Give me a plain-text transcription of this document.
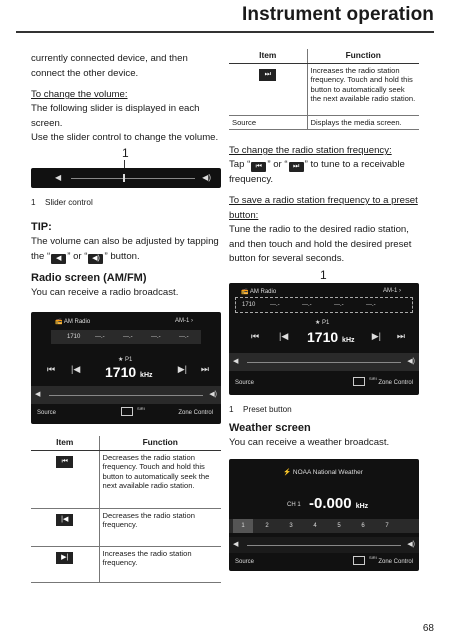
Instrument operation
currently connected device, and then connect the other device.
To change the volume:
The following slider is displayed in each screen.
Use the slider control to change the volume.
1
◀	◀)
1 Slider control
TIP:
The volume can also be adjusted by tapping the “ ◀ ” or “ ◀) ” button.
Radio screen (AM/FM)
You can receive a radio broadcast.
📻 AM Radio	AM-1 ›
1710 ---.-	---.-	---.-	---.-
★ P1
⏮ |◀ 1710 kHz
▶| ⏭
◀	◀)
Source
SIRI
Zone Control
Item	Function
⏮	Decreases the radio station frequency. Touch and hold this button to automatically seek the next available radio station.
|◀	Decreases the radio station frequency.
▶|	Increases the radio station frequency.
Item	Function
⏭	Increases the radio station frequency. Touch and hold this button to automatically seek the next available radio station.
Source	Displays the media screen.
To change the radio station frequency:
Tap “ ⏮ ” or “ ⏭ ” to tune to a receivable frequency.
To save a radio station frequency to a preset button:
Tune the radio to the desired radio station, and then touch and hold the desired preset button for several seconds.
1
📻 AM Radio	AM-1 ›
1710 ---.-	---.-	---.-	---.-
★ P1
⏮ |◀ 1710 kHz ▶| ⏭
◀	◀)
Source
SIRI
Zone Control
1 Preset button
Weather screen
You can receive a weather broadcast.
⚡ NOAA National Weather
CH 1 -0.000 kHz
1	2	3	4	5	6	7
◀	◀)
Source
SIRI
Zone Control
68
